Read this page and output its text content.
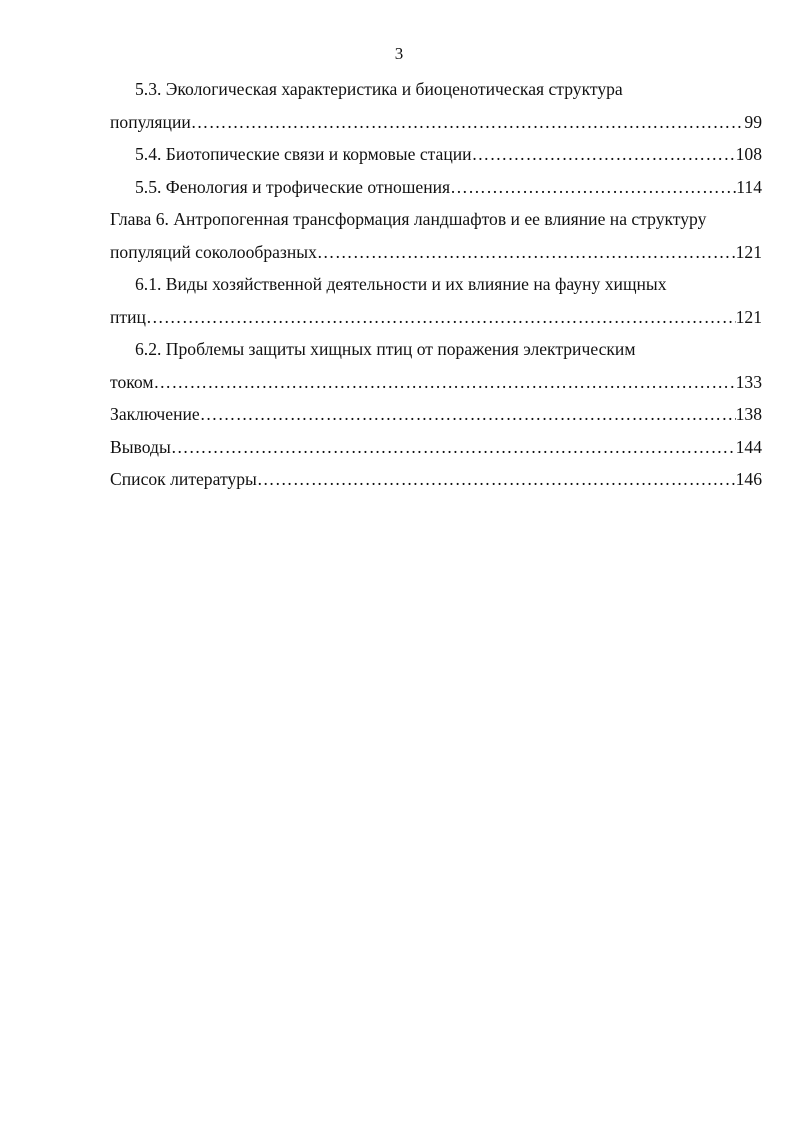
3
5.3. Экологическая характеристика и биоценотическая структура
популяции …………………………………………………………………………………………………………………………………………………………………………………………	99
5.4. Биотопические связи и кормовые стации …………………………………………………………………………………………………………………………………………………………………………………………	108
5.5. Фенология и трофические отношения …………………………………………………………………………………………………………………………………………………………………………………………	114
Глава 6. Антропогенная трансформация ландшафтов и ее влияние на структуру
популяций соколообразных …………………………………………………………………………………………………………………………………………………………………………………………	121
6.1. Виды хозяйственной деятельности и их влияние на фауну хищных
птиц …………………………………………………………………………………………………………………………………………………………………………………………	121
6.2. Проблемы защиты хищных птиц от поражения электрическим
током …………………………………………………………………………………………………………………………………………………………………………………………	133
Заключение …………………………………………………………………………………………………………………………………………………………………………………………	138
Выводы …………………………………………………………………………………………………………………………………………………………………………………………	144
Список литературы …………………………………………………………………………………………………………………………………………………………………………………………	146
